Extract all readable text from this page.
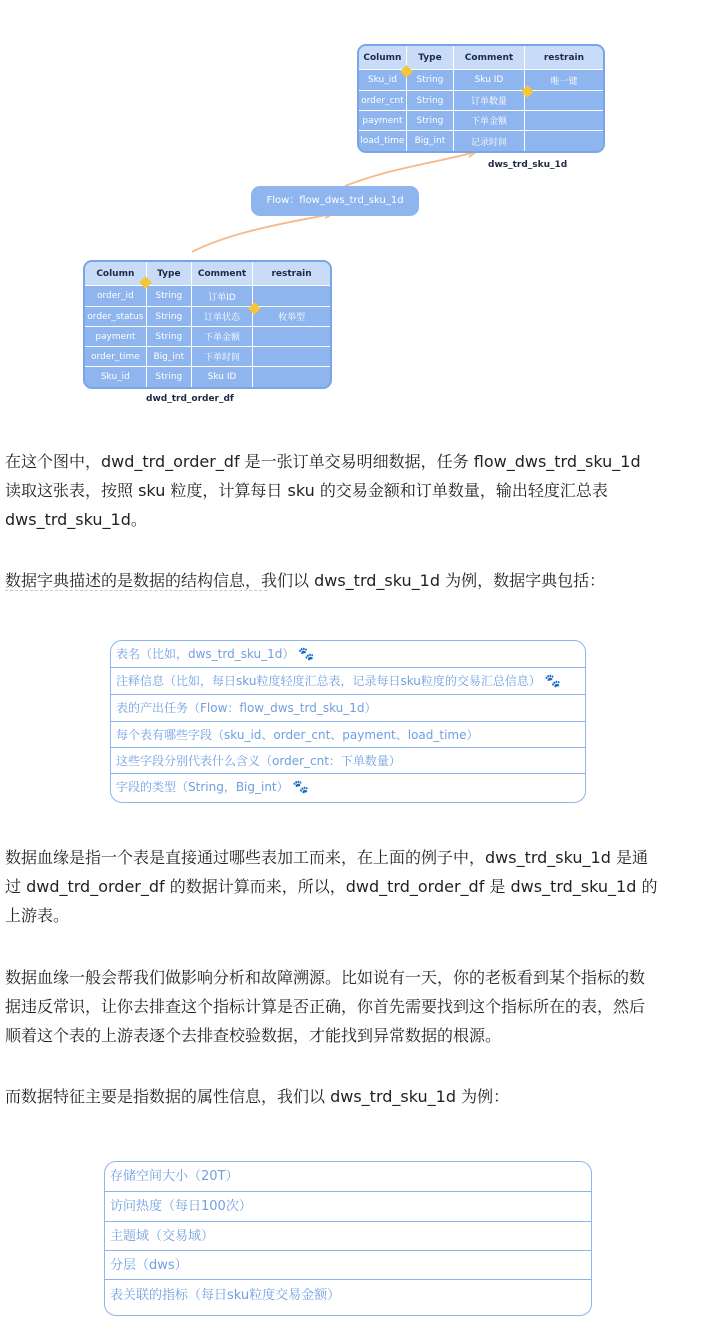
Column	Type	Comment	restrain
Sku_id	String	Sku ID	唯一键
order_cnt	String	订单数量	
payment	String	下单金额	
load_time	Big_int	记录时间	
dws_trd_sku_1d
Flow：flow_dws_trd_sku_1d
Column	Type	Comment	restrain
order_id	String	订单ID	
order_status	String	订单状态	枚举型
payment	String	下单金额	
order_time	Big_int	下单时间	
Sku_id	String	Sku ID	
dwd_trd_order_df
在这个图中，dwd_trd_order_df 是一张订单交易明细数据，任务 flow_dws_trd_sku_1d
读取这张表，按照 sku 粒度，计算每日 sku 的交易金额和订单数量，输出轻度汇总表
dws_trd_sku_1d。
数据字典描述的是数据的结构信息，我们以 dws_trd_sku_1d 为例，数据字典包括：
表名（比如，dws_trd_sku_1d） 🐾
注释信息（比如，每日sku粒度轻度汇总表，记录每日sku粒度的交易汇总信息） 🐾
表的产出任务（Flow：flow_dws_trd_sku_1d）
每个表有哪些字段（sku_id、order_cnt、payment、load_time）
这些字段分别代表什么含义（order_cnt：下单数量）
字段的类型（String，Big_int） 🐾
数据血缘是指一个表是直接通过哪些表加工而来，在上面的例子中，dws_trd_sku_1d 是通
过 dwd_trd_order_df 的数据计算而来，所以，dwd_trd_order_df 是 dws_trd_sku_1d 的
上游表。
数据血缘一般会帮我们做影响分析和故障溯源。比如说有一天，你的老板看到某个指标的数
据违反常识，让你去排查这个指标计算是否正确，你首先需要找到这个指标所在的表，然后
顺着这个表的上游表逐个去排查校验数据，才能找到异常数据的根源。
而数据特征主要是指数据的属性信息，我们以 dws_trd_sku_1d 为例：
存储空间大小（20T）
访问热度（每日100次）
主题域（交易域）
分层（dws）
表关联的指标（每日sku粒度交易金额）
